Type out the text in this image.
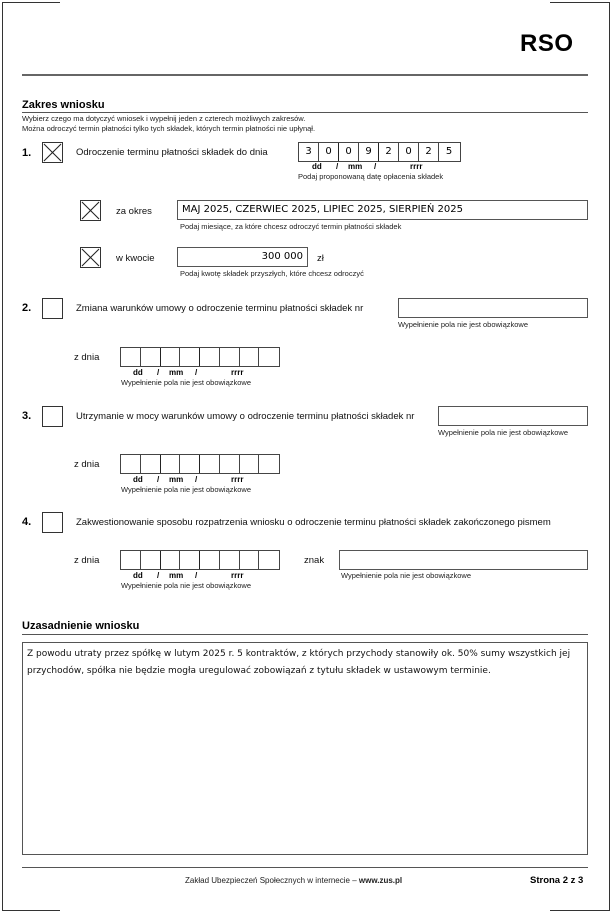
RSO
Zakres wniosku
Wybierz czego ma dotyczyć wniosek i wypełnij jeden z czterech możliwych zakresów.
Można odroczyć termin płatności tylko tych składek, których termin płatności nie upłynął.
1.	Odroczenie terminu płatności składek do dnia	3	0	0	9	2	0	2	5
dd	/	mm	/	rrrr
Podaj proponowaną datę opłacenia składek
za okres	MAJ 2025, CZERWIEC 2025, LIPIEC 2025, SIERPIEŃ 2025
Podaj miesiące, za które chcesz odroczyć termin płatności składek
w kwocie	300 000	zł
Podaj kwotę składek przyszłych, które chcesz odroczyć
2.	Zmiana warunków umowy o odroczenie terminu płatności składek nr
Wypełnienie pola nie jest obowiązkowe
z dnia
dd	/	mm	/	rrrr
Wypełnienie pola nie jest obowiązkowe
3.	Utrzymanie w mocy warunków umowy o odroczenie terminu płatności składek nr
Wypełnienie pola nie jest obowiązkowe
z dnia
dd	/	mm	/	rrrr
Wypełnienie pola nie jest obowiązkowe
4.	Zakwestionowanie sposobu rozpatrzenia wniosku o odroczenie terminu płatności składek zakończonego pismem
z dnia
dd	/	mm	/	rrrr
Wypełnienie pola nie jest obowiązkowe
znak
Wypełnienie pola nie jest obowiązkowe
Uzasadnienie wniosku
Z powodu utraty przez spółkę w lutym 2025 r. 5 kontraktów, z których przychody stanowiły ok. 50% sumy wszystkich jej przychodów, spółka nie będzie mogła uregulować zobowiązań z tytułu składek w ustawowym terminie.
Zakład Ubezpieczeń Społecznych w internecie – www.zus.pl	Strona 2 z 3
